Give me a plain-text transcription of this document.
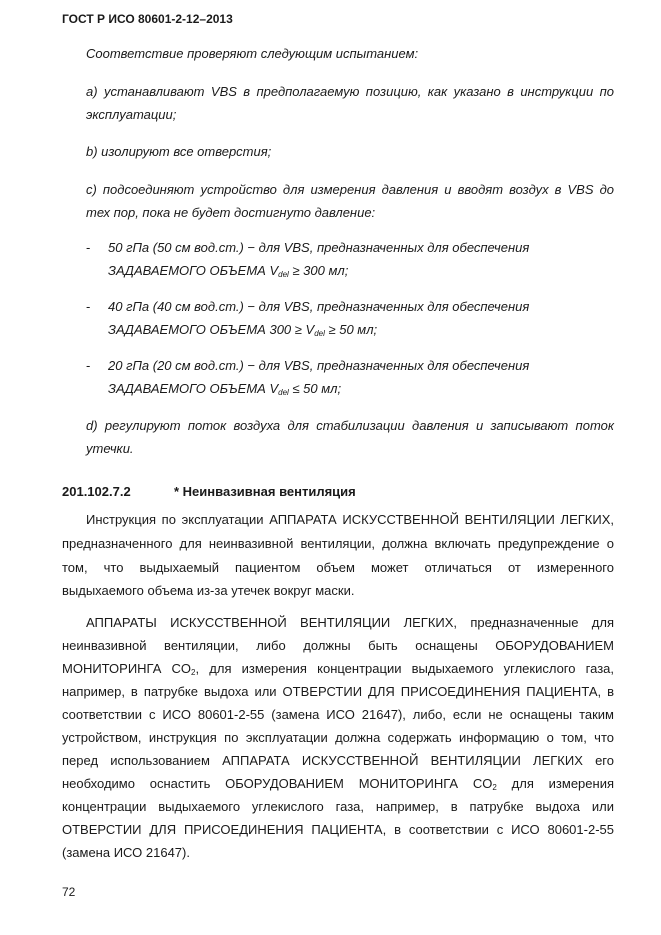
ГОСТ Р ИСО 80601-2-12–2013
Соответствие проверяют следующим испытанием:
a) устанавливают VBS в предполагаемую позицию, как указано в инструкции по
эксплуатации;
b) изолируют все отверстия;
c) подсоединяют устройство для измерения давления и вводят воздух в VBS до
тех пор, пока не будет достигнуто давление:
- 50 гПа (50 см вод.ст.) − для VBS, предназначенных для обеспечения
ЗАДАВАЕМОГО ОБЪЕМА $V_{del} \ge 300$ мл;
- 40 гПа (40 см вод.ст.) − для VBS, предназначенных для обеспечения
ЗАДАВАЕМОГО ОБЪЕМА $300 \ge V_{del} \ge 50$ мл;
- 20 гПа (20 см вод.ст.) − для VBS, предназначенных для обеспечения
ЗАДАВАЕМОГО ОБЪЕМА $V_{del} \le 50$ мл;
d) регулируют поток воздуха для стабилизации давления и записывают поток
утечки.
201.102.7.2	* Неинвазивная вентиляция
Инструкция по эксплуатации АППАРАТА ИСКУССТВЕННОЙ ВЕНТИЛЯЦИИ ЛЕГКИХ,
предназначенного для неинвазивной вентиляции, должна включать предупреждение о
том, что выдыхаемый пациентом объем может отличаться от измеренного
выдыхаемого объема из-за утечек вокруг маски.
АППАРАТЫ ИСКУССТВЕННОЙ ВЕНТИЛЯЦИИ ЛЕГКИХ, предназначенные для
неинвазивной вентиляции, либо должны быть оснащены ОБОРУДОВАНИЕМ
МОНИТОРИНГА $CO_2$, для измерения концентрации выдыхаемого углекислого газа,
например, в патрубке выдоха или ОТВЕРСТИИ ДЛЯ ПРИСОЕДИНЕНИЯ ПАЦИЕНТА, в
соответствии с ИСО 80601-2-55 (замена ИСО 21647), либо, если не оснащены таким
устройством, инструкция по эксплуатации должна содержать информацию о том, что
перед использованием АППАРАТА ИСКУССТВЕННОЙ ВЕНТИЛЯЦИИ ЛЕГКИХ его
необходимо оснастить ОБОРУДОВАНИЕМ МОНИТОРИНГА $CO_2$ для измерения
концентрации выдыхаемого углекислого газа, например, в патрубке выдоха или
ОТВЕРСТИИ ДЛЯ ПРИСОЕДИНЕНИЯ ПАЦИЕНТА, в соответствии с ИСО 80601-2-55
(замена ИСО 21647).
72
